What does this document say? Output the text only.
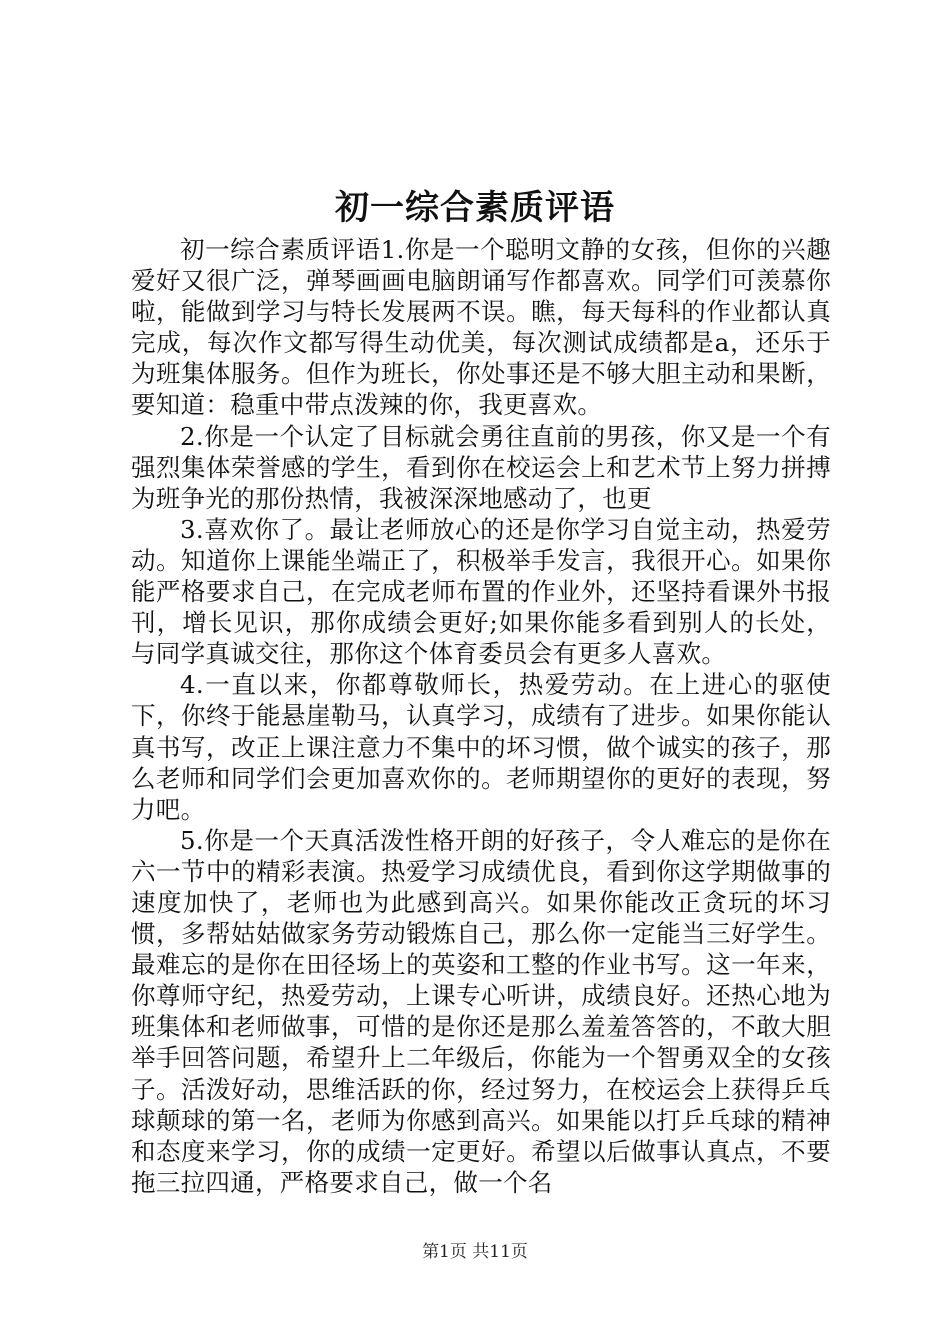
初一综合素质评语

初一综合素质评语1.你是一个聪明文静的女孩，但你的兴趣爱好又很广泛，弹琴画画电脑朗诵写作都喜欢。同学们可羡慕你啦，能做到学习与特长发展两不误。瞧，每天每科的作业都认真完成，每次作文都写得生动优美，每次测试成绩都是a，还乐于为班集体服务。但作为班长，你处事还是不够大胆主动和果断，要知道：稳重中带点泼辣的你，我更喜欢。

2.你是一个认定了目标就会勇往直前的男孩，你又是一个有强烈集体荣誉感的学生，看到你在校运会上和艺术节上努力拼搏为班争光的那份热情，我被深深地感动了，也更

3.喜欢你了。最让老师放心的还是你学习自觉主动，热爱劳动。知道你上课能坐端正了，积极举手发言，我很开心。如果你能严格要求自己，在完成老师布置的作业外，还坚持看课外书报刊，增长见识，那你成绩会更好;如果你能多看到别人的长处，与同学真诚交往，那你这个体育委员会有更多人喜欢。

4.一直以来，你都尊敬师长，热爱劳动。在上进心的驱使下，你终于能悬崖勒马，认真学习，成绩有了进步。如果你能认真书写，改正上课注意力不集中的坏习惯，做个诚实的孩子，那么老师和同学们会更加喜欢你的。老师期望你的更好的表现，努力吧。

5.你是一个天真活泼性格开朗的好孩子，令人难忘的是你在六一节中的精彩表演。热爱学习成绩优良，看到你这学期做事的速度加快了，老师也为此感到高兴。如果你能改正贪玩的坏习惯，多帮姑姑做家务劳动锻炼自己，那么你一定能当三好学生。最难忘的是你在田径场上的英姿和工整的作业书写。这一年来，你尊师守纪，热爱劳动，上课专心听讲，成绩良好。还热心地为班集体和老师做事，可惜的是你还是那么羞羞答答的，不敢大胆举手回答问题，希望升上二年级后，你能为一个智勇双全的女孩子。活泼好动，思维活跃的你，经过努力，在校运会上获得乒乓球颠球的第一名，老师为你感到高兴。如果能以打乒乓球的精神和态度来学习，你的成绩一定更好。希望以后做事认真点，不要拖三拉四通，严格要求自己，做一个名

第1页 共11页
